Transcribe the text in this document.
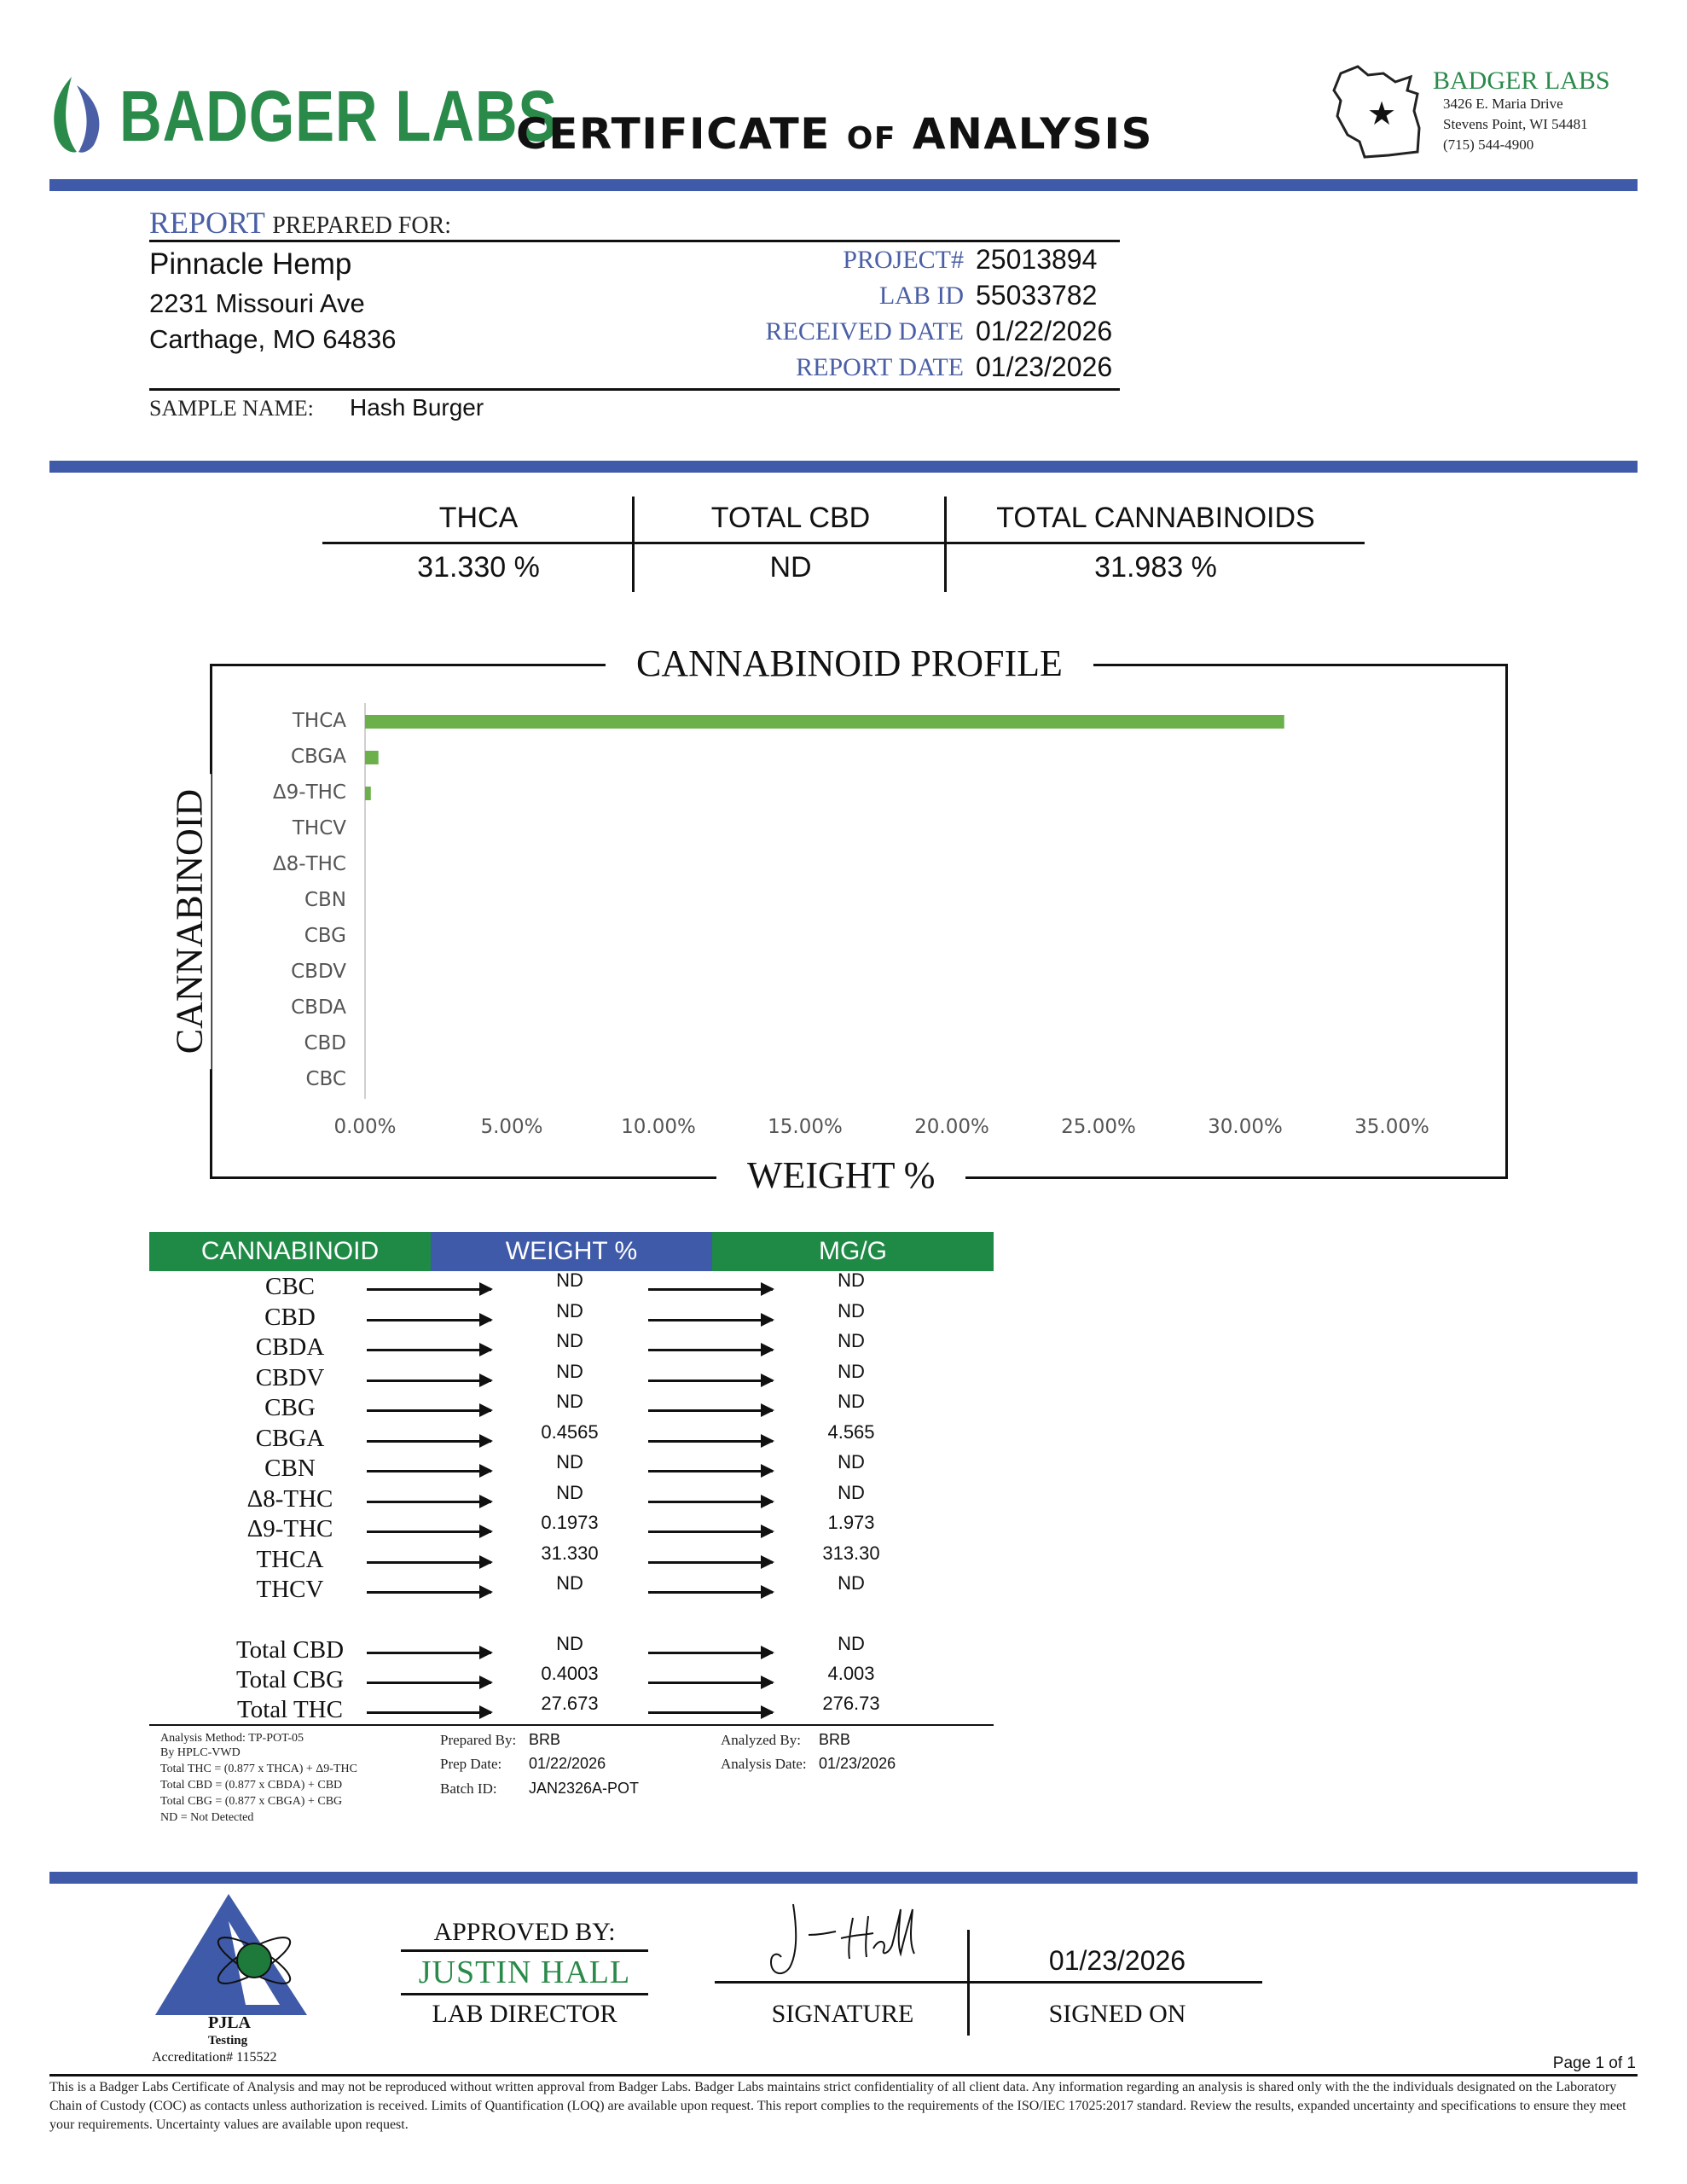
BADGER LABS
CERTIFICATE OF ANALYSIS	★
BADGER LABS
3426 E. Maria Drive
Stevens Point, WI 54481
(715) 544-4900
REPORT PREPARED FOR:
Pinnacle Hemp
2231 Missouri Ave
Carthage, MO 64836
PROJECT# 25013894
LAB ID 55033782
RECEIVED DATE 01/22/2026
REPORT DATE 01/23/2026
SAMPLE NAME: Hash Burger
THCA	TOTAL CBD	TOTAL CANNABINOIDS
31.330 %	ND	31.983 %
CANNABINOID PROFILE
CANNABINOID
WEIGHT %
THCA
CBGA
Δ9-THC
THCV
Δ8-THC
CBN
CBG
CBDV
CBDA
CBD
CBC
0.00%	5.00%	10.00%	15.00%	20.00%	25.00%	30.00%	35.00%
CANNABINOID	WEIGHT %	MG/G
CBC	ND	ND
CBD	ND	ND
CBDA	ND	ND
CBDV	ND	ND
CBG	ND	ND
CBGA	0.4565	4.565
CBN	ND	ND
Δ8-THC	ND	ND
Δ9-THC	0.1973	1.973
THCA	31.330	313.30
THCV	ND	ND
Total CBD	ND	ND
Total CBG	0.4003	4.003
Total THC	27.673	276.73
Analysis Method: TP-POT-05
By HPLC-VWD
Total THC = (0.877 x THCA) + Δ9-THC
Total CBD = (0.877 x CBDA) + CBD
Total CBG = (0.877 x CBGA) + CBG
ND = Not Detected
Prepared By: BRB
Prep Date: 01/22/2026
Batch ID: JAN2326A-POT
Analyzed By: BRB
Analysis Date: 01/23/2026
PJLA
Testing
Accreditation# 115522
APPROVED BY:
JUSTIN HALL
LAB DIRECTOR
J Hall
SIGNATURE
01/23/2026
SIGNED ON
Page 1 of 1
This is a Badger Labs Certificate of Analysis and may not be reproduced without written approval from Badger Labs. Badger Labs maintains strict confidentiality of all client data. Any information regarding an analysis is shared only with the the individuals designated on the Laboratory Chain of Custody (COC) as contacts unless authorization is received. Limits of Quantification (LOQ) are available upon request. This report complies to the requirements of the ISO/IEC 17025:2017 standard. Review the results, expanded uncertainty and specifications to ensure they meet your requirements. Uncertainty values are available upon request.
